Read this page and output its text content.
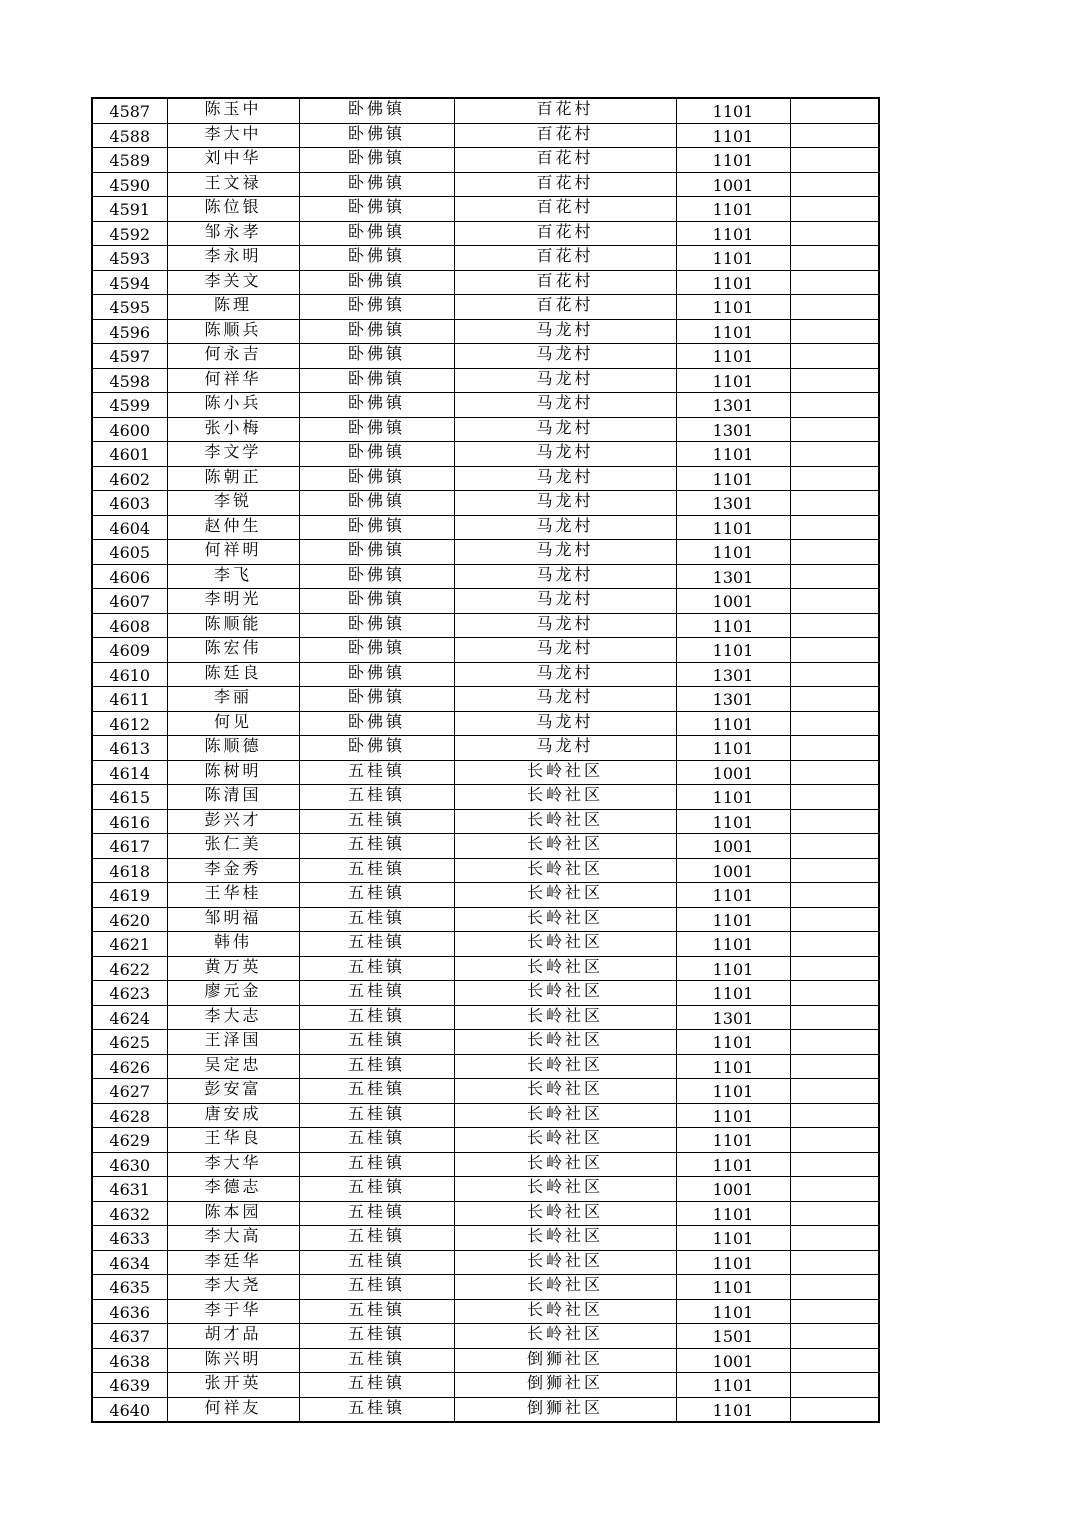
4587	陈玉中	卧佛镇	百花村	1101	
4588	李大中	卧佛镇	百花村	1101	
4589	刘中华	卧佛镇	百花村	1101	
4590	王文禄	卧佛镇	百花村	1001	
4591	陈位银	卧佛镇	百花村	1101	
4592	邹永孝	卧佛镇	百花村	1101	
4593	李永明	卧佛镇	百花村	1101	
4594	李关文	卧佛镇	百花村	1101	
4595	陈理	卧佛镇	百花村	1101	
4596	陈顺兵	卧佛镇	马龙村	1101	
4597	何永吉	卧佛镇	马龙村	1101	
4598	何祥华	卧佛镇	马龙村	1101	
4599	陈小兵	卧佛镇	马龙村	1301	
4600	张小梅	卧佛镇	马龙村	1301	
4601	李文学	卧佛镇	马龙村	1101	
4602	陈朝正	卧佛镇	马龙村	1101	
4603	李锐	卧佛镇	马龙村	1301	
4604	赵仲生	卧佛镇	马龙村	1101	
4605	何祥明	卧佛镇	马龙村	1101	
4606	李飞	卧佛镇	马龙村	1301	
4607	李明光	卧佛镇	马龙村	1001	
4608	陈顺能	卧佛镇	马龙村	1101	
4609	陈宏伟	卧佛镇	马龙村	1101	
4610	陈廷良	卧佛镇	马龙村	1301	
4611	李丽	卧佛镇	马龙村	1301	
4612	何见	卧佛镇	马龙村	1101	
4613	陈顺德	卧佛镇	马龙村	1101	
4614	陈树明	五桂镇	长岭社区	1001	
4615	陈清国	五桂镇	长岭社区	1101	
4616	彭兴才	五桂镇	长岭社区	1101	
4617	张仁美	五桂镇	长岭社区	1001	
4618	李金秀	五桂镇	长岭社区	1001	
4619	王华桂	五桂镇	长岭社区	1101	
4620	邹明福	五桂镇	长岭社区	1101	
4621	韩伟	五桂镇	长岭社区	1101	
4622	黄万英	五桂镇	长岭社区	1101	
4623	廖元金	五桂镇	长岭社区	1101	
4624	李大志	五桂镇	长岭社区	1301	
4625	王泽国	五桂镇	长岭社区	1101	
4626	吴定忠	五桂镇	长岭社区	1101	
4627	彭安富	五桂镇	长岭社区	1101	
4628	唐安成	五桂镇	长岭社区	1101	
4629	王华良	五桂镇	长岭社区	1101	
4630	李大华	五桂镇	长岭社区	1101	
4631	李德志	五桂镇	长岭社区	1001	
4632	陈本园	五桂镇	长岭社区	1101	
4633	李大高	五桂镇	长岭社区	1101	
4634	李廷华	五桂镇	长岭社区	1101	
4635	李大尧	五桂镇	长岭社区	1101	
4636	李于华	五桂镇	长岭社区	1101	
4637	胡才品	五桂镇	长岭社区	1501	
4638	陈兴明	五桂镇	倒狮社区	1001	
4639	张开英	五桂镇	倒狮社区	1101	
4640	何祥友	五桂镇	倒狮社区	1101	
